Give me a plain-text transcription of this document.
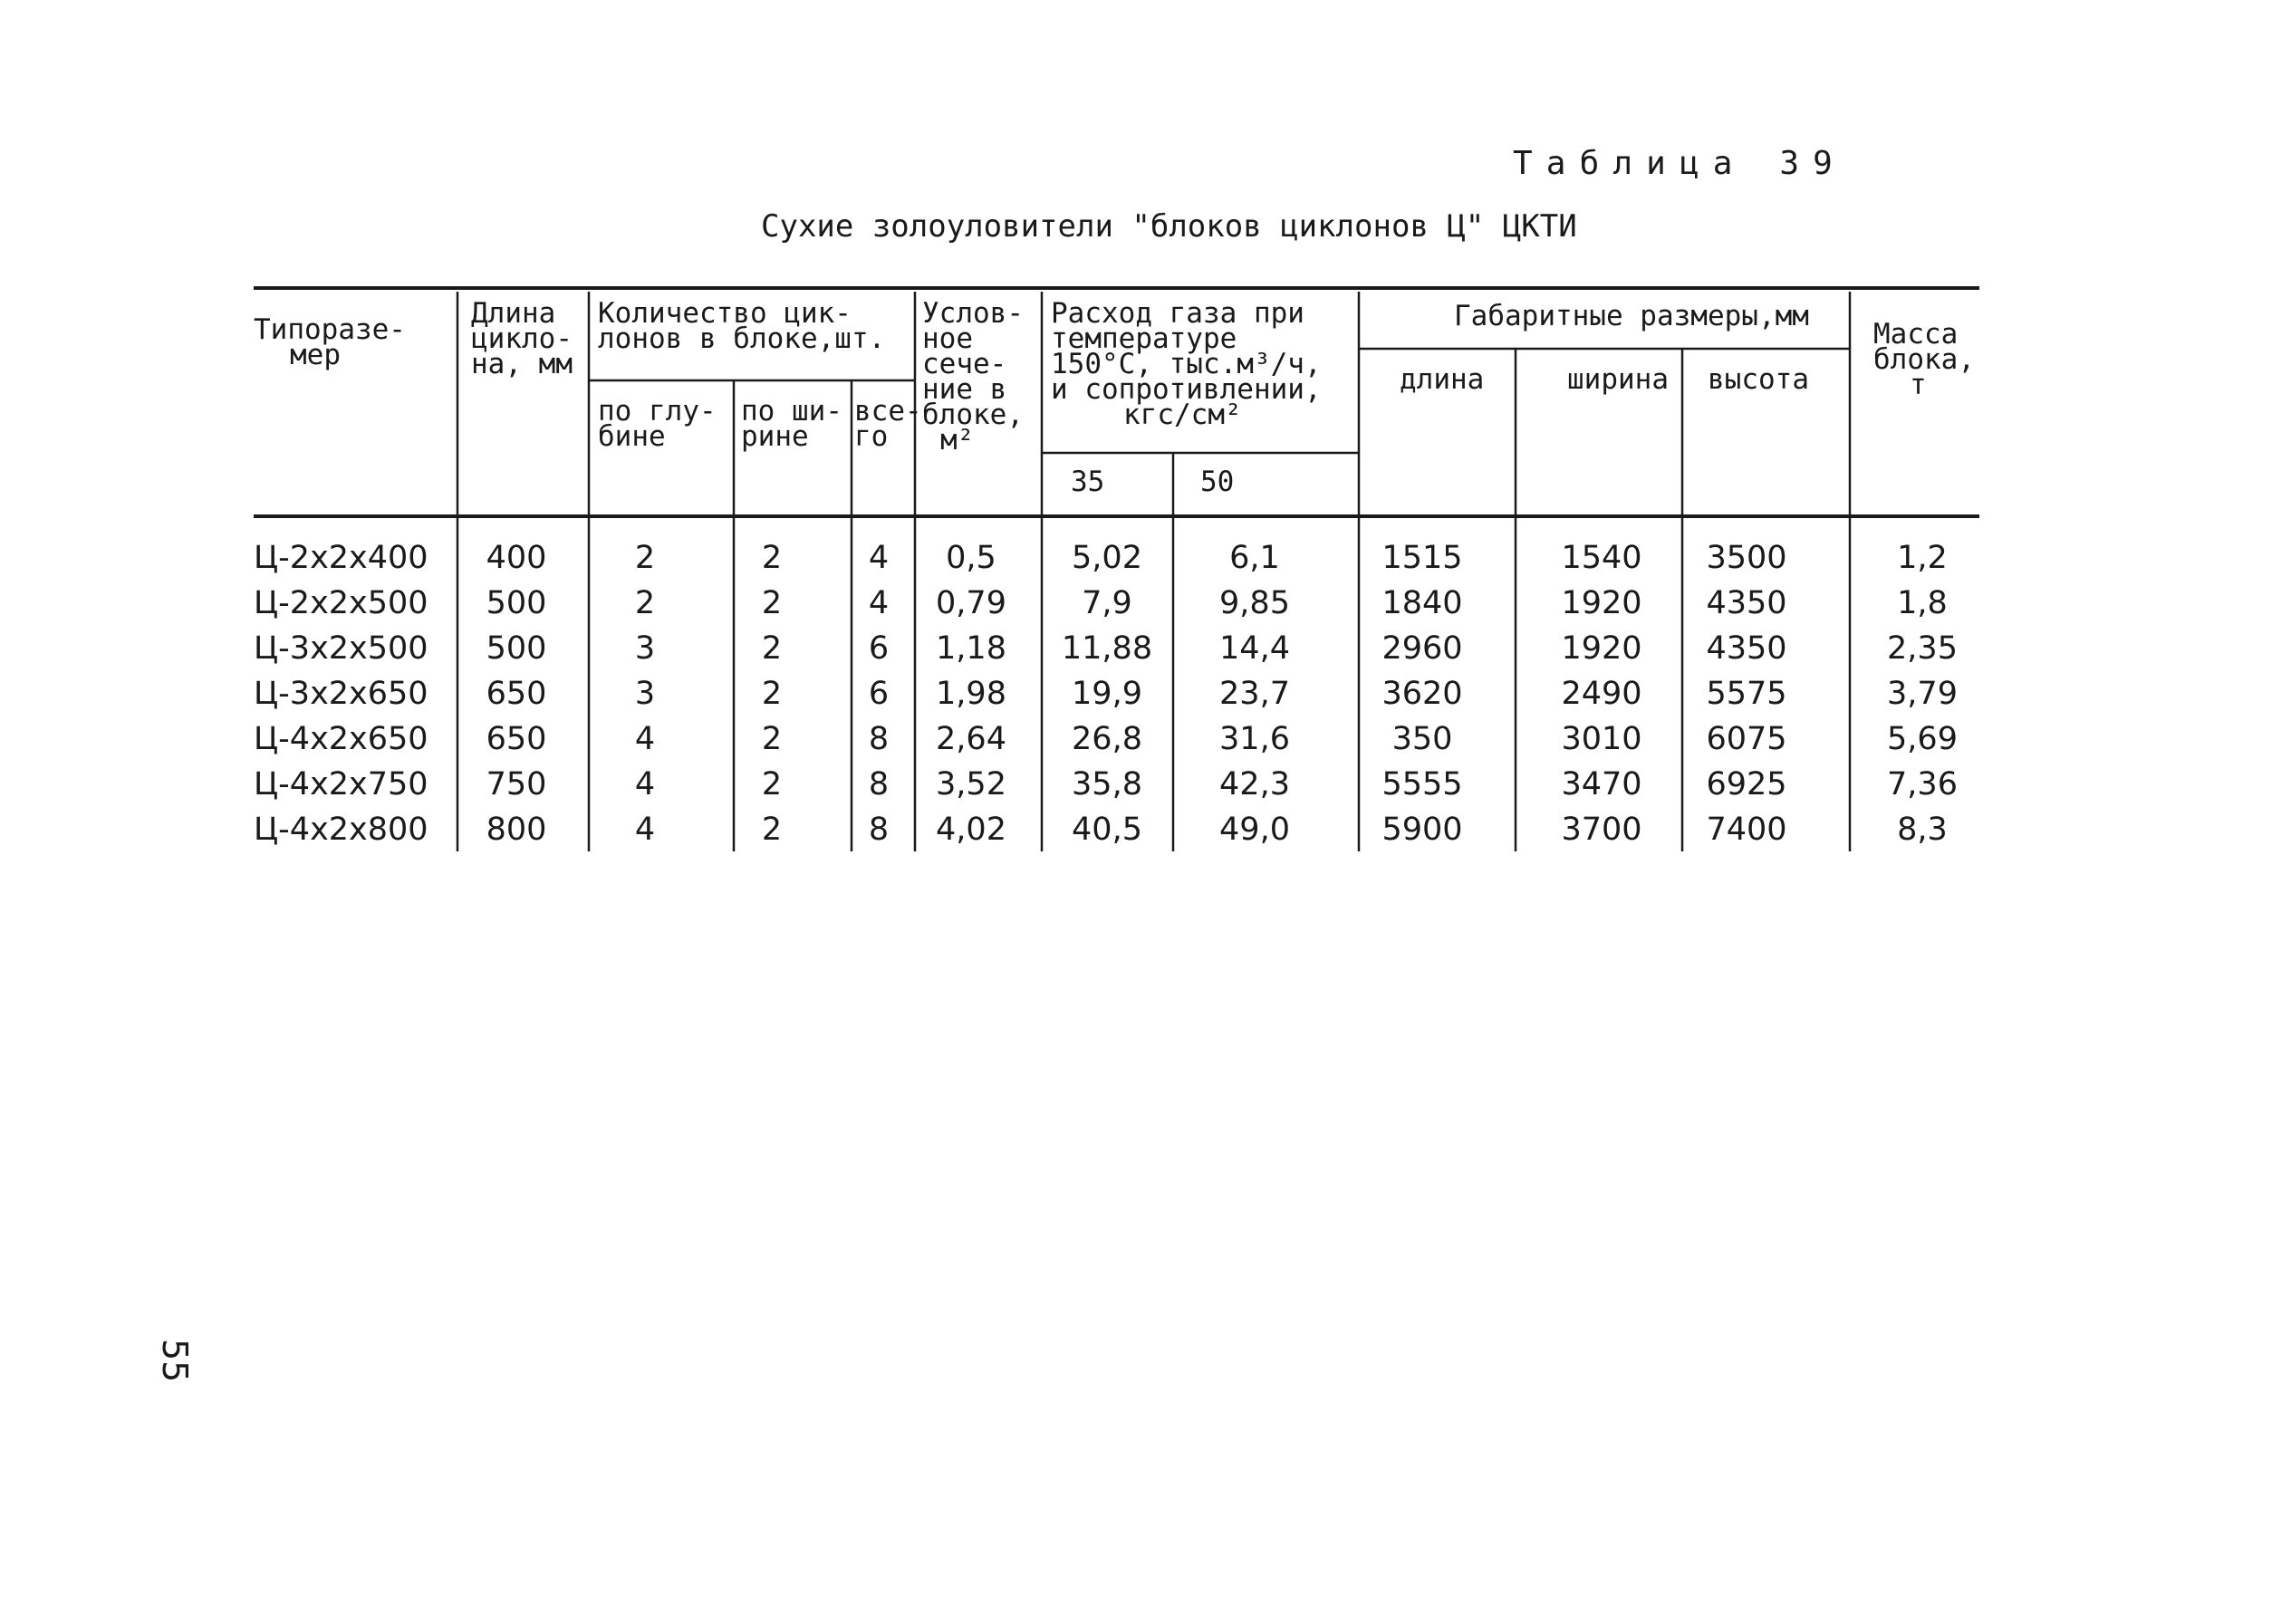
Таблица 39
Сухие золоуловители "блоков циклонов Ц" ЦКТИ
Типоразе-
мер
Длина
цикло-
на, мм
Количество цик-
лонов в блоке,шт.
по глу-
бине
по ши-
рине
все-
го
Услов-
ное
сече-
ние в
блоке,
м²
Расход газа при
температуре
150°С, тыс.м³/ч,
и сопротивлении,
кгс/см²
35	50
Габаритные размеры,мм
длина	ширина высота
Масса
блока,
т
Ц-2х2х400 400	2	2	4 0,5 5,02	6,1	1515	1540 3500	1,2
Ц-2х2х500 500	2	2	4 0,79 7,9	9,85	1840	1920 4350	1,8
Ц-3х2х500 500	3	2	6 1,18 11,88 14,4	2960	1920 4350	2,35
Ц-3х2х650 650	3	2	6 1,98 19,9 23,7	3620	2490 5575	3,79
Ц-4х2х650 650	4	2	8 2,64 26,8 31,6	350	3010 6075	5,69
Ц-4х2х750 750	4	2	8 3,52 35,8 42,3	5555	3470 6925	7,36
Ц-4х2х800 800	4	2	8 4,02 40,5 49,0	5900	3700 7400	8,3
55
